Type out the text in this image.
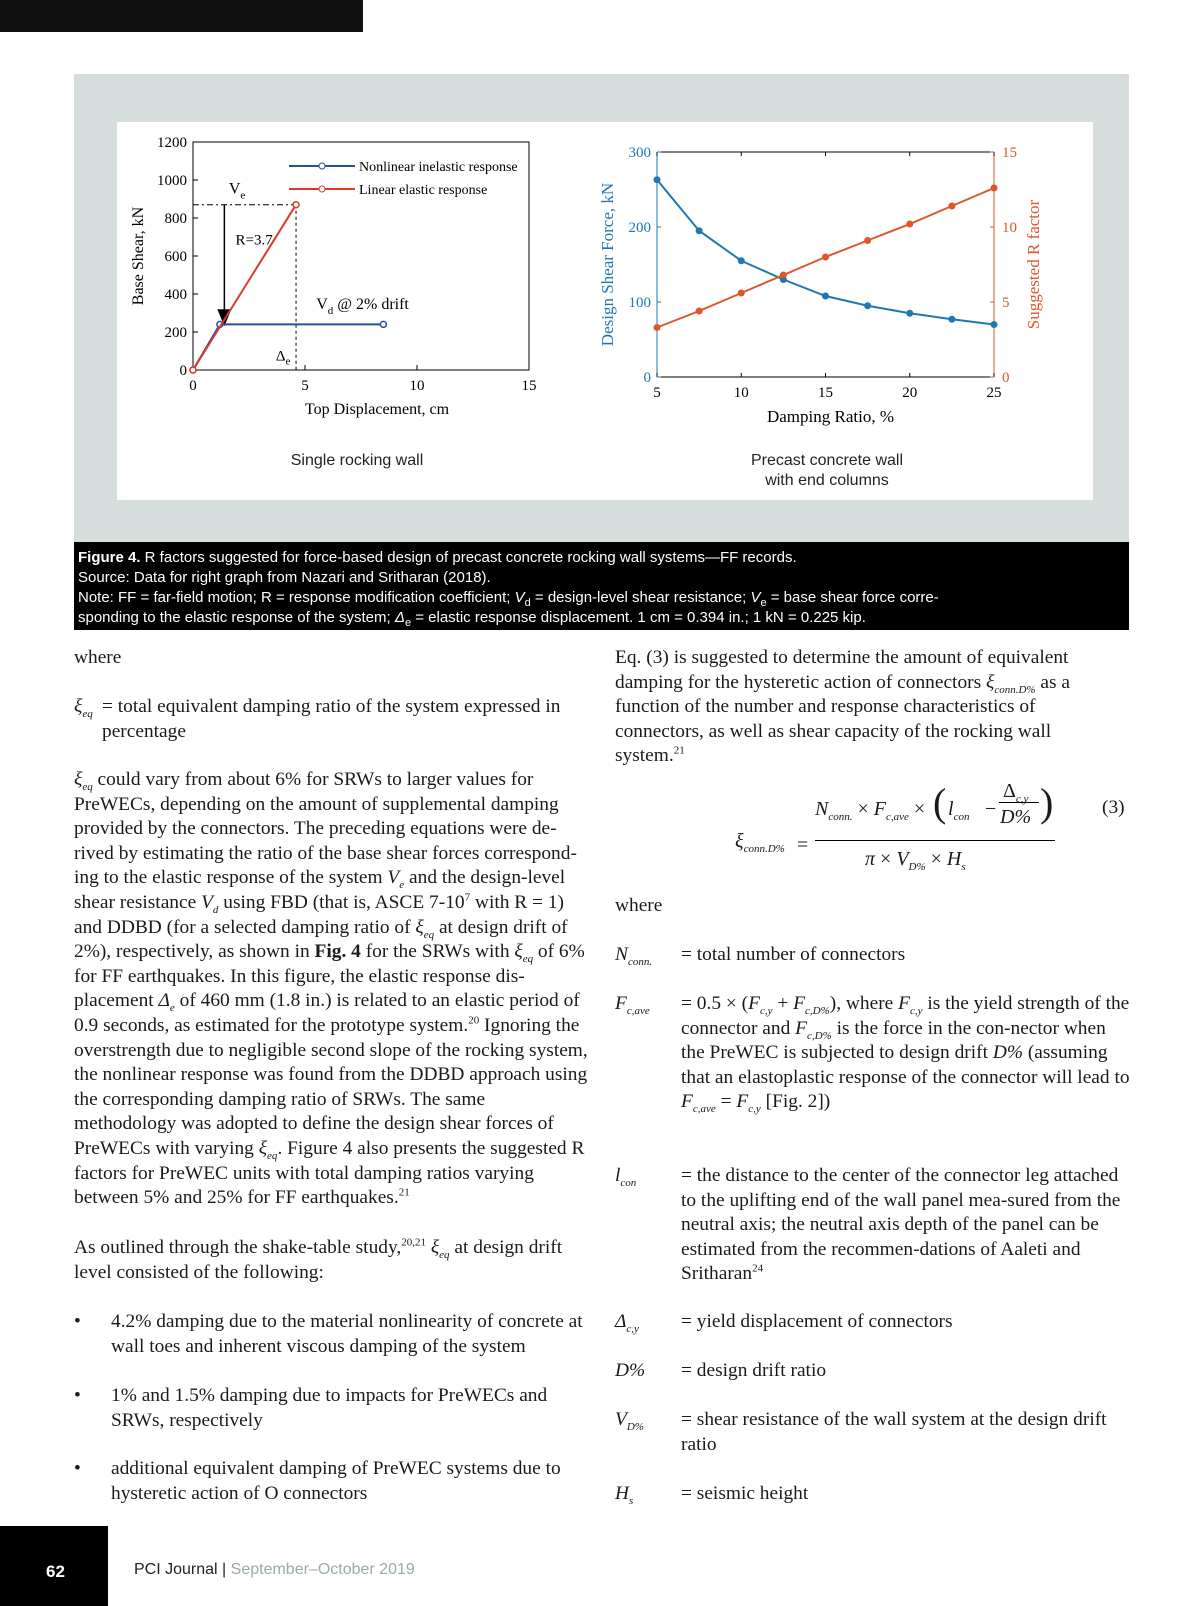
0	5	10	15
0
200
400
600
800
1000
1200
Top Displacement, cm
Base Shear, kN
Nonlinear inelastic response
Linear elastic response
$V_e$
R=3.7
$V_d$ @ 2% drift
$\Delta_e$
5	10	15	20	25
0
100
200
300
0
5
10
15
Damping Ratio, %
Design Shear Force, kN	Suggested R factor
Single rocking wall	Precast concrete wall
with end columns
Figure 4. R factors suggested for force-based design of precast concrete rocking wall systems—FF records.
Source: Data for right graph from Nazari and Sritharan (2018).
Note: FF = far-field motion; R = response modification coefficient; $V_d$ = design-level shear resistance; $V_e$ = base shear force corre-
sponding to the elastic response of the system; $\Delta_e$ = elastic response displacement. 1 cm = 0.394 in.; 1 kN = 0.225 kip.
where
$\xi_{eq}$ = total equivalent damping ratio of the system expressed in percentage
$\xi_{eq}$ could vary from about 6% for SRWs to larger values for PreWECs, depending on the amount of supplemental damping provided by the connectors. The preceding equations were de-rived by estimating the ratio of the base shear forces correspond-ing to the elastic response of the system $V_e$ and the design-level shear resistance $V_d$ using FBD (that is, ASCE $7-10^7$ with R = 1) and DDBD (for a selected damping ratio of $\xi_{eq}$ at design drift of 2%), respectively, as shown in Fig. 4 for the SRWs with $\xi_{eq}$ of 6% for FF earthquakes. In this figure, the elastic response dis-placement $\Delta_e$ of 460 mm (1.8 in.) is related to an elastic period of 0.9 seconds, as estimated for the prototype system.$^{20}$ Ignoring the overstrength due to negligible second slope of the rocking system, the nonlinear response was found from the DDBD approach using the corresponding damping ratio of SRWs. The same methodology was adopted to define the design shear forces of PreWECs with varying $\xi_{eq}$. Figure 4 also presents the suggested R factors for PreWEC units with total damping ratios varying between 5% and 25% for FF earthquakes.$^{21}$
As outlined through the shake-table study,$^{20,21}$ $\xi_{eq}$ at design drift level consisted of the following:
• 4.2% damping due to the material nonlinearity of concrete at wall toes and inherent viscous damping of the system
• 1% and 1.5% damping due to impacts for PreWECs and SRWs, respectively
• additional equivalent damping of PreWEC systems due to hysteretic action of O connectors
Eq. (3) is suggested to determine the amount of equivalent damping for the hysteretic action of connectors $\xi_{conn.D\%}$ as a function of the number and response characteristics of connectors, as well as shear capacity of the rocking wall system.$^{21}$
$\xi_{conn.D\%}$ =
$N_{conn.} \times F_{c,ave}$ × ( $l_{con}$ −
$\Delta_{c,y}$
D% )
$\pi \times V_{D\%} \times H_s$
(3)
where
$N_{conn.}$ = total number of connectors
$F_{c,ave} = 0.5 \times (F_{c,y} + F_{c,D\%})$, where $F_{c,y}$ is the yield strength of the connector and $F_{c,D\%}$ is the force in the con-nector when the PreWEC is subjected to design drift D% (assuming that an elastoplastic response of the connector will lead to $F_{c,ave} = F_{c,y}$ [Fig. 2])
$l_{con}$ = the distance to the center of the connector leg attached to the uplifting end of the wall panel mea-sured from the neutral axis; the neutral axis depth of the panel can be estimated from the recommen-dations of Aaleti and Sritharan$^{24}$
$\Delta_{c,y}$ = yield displacement of connectors
D% = design drift ratio
$V_{D\%}$ = shear resistance of the wall system at the design drift ratio
$H_s$ = seismic height
62	PCI Journal | September–October 2019
